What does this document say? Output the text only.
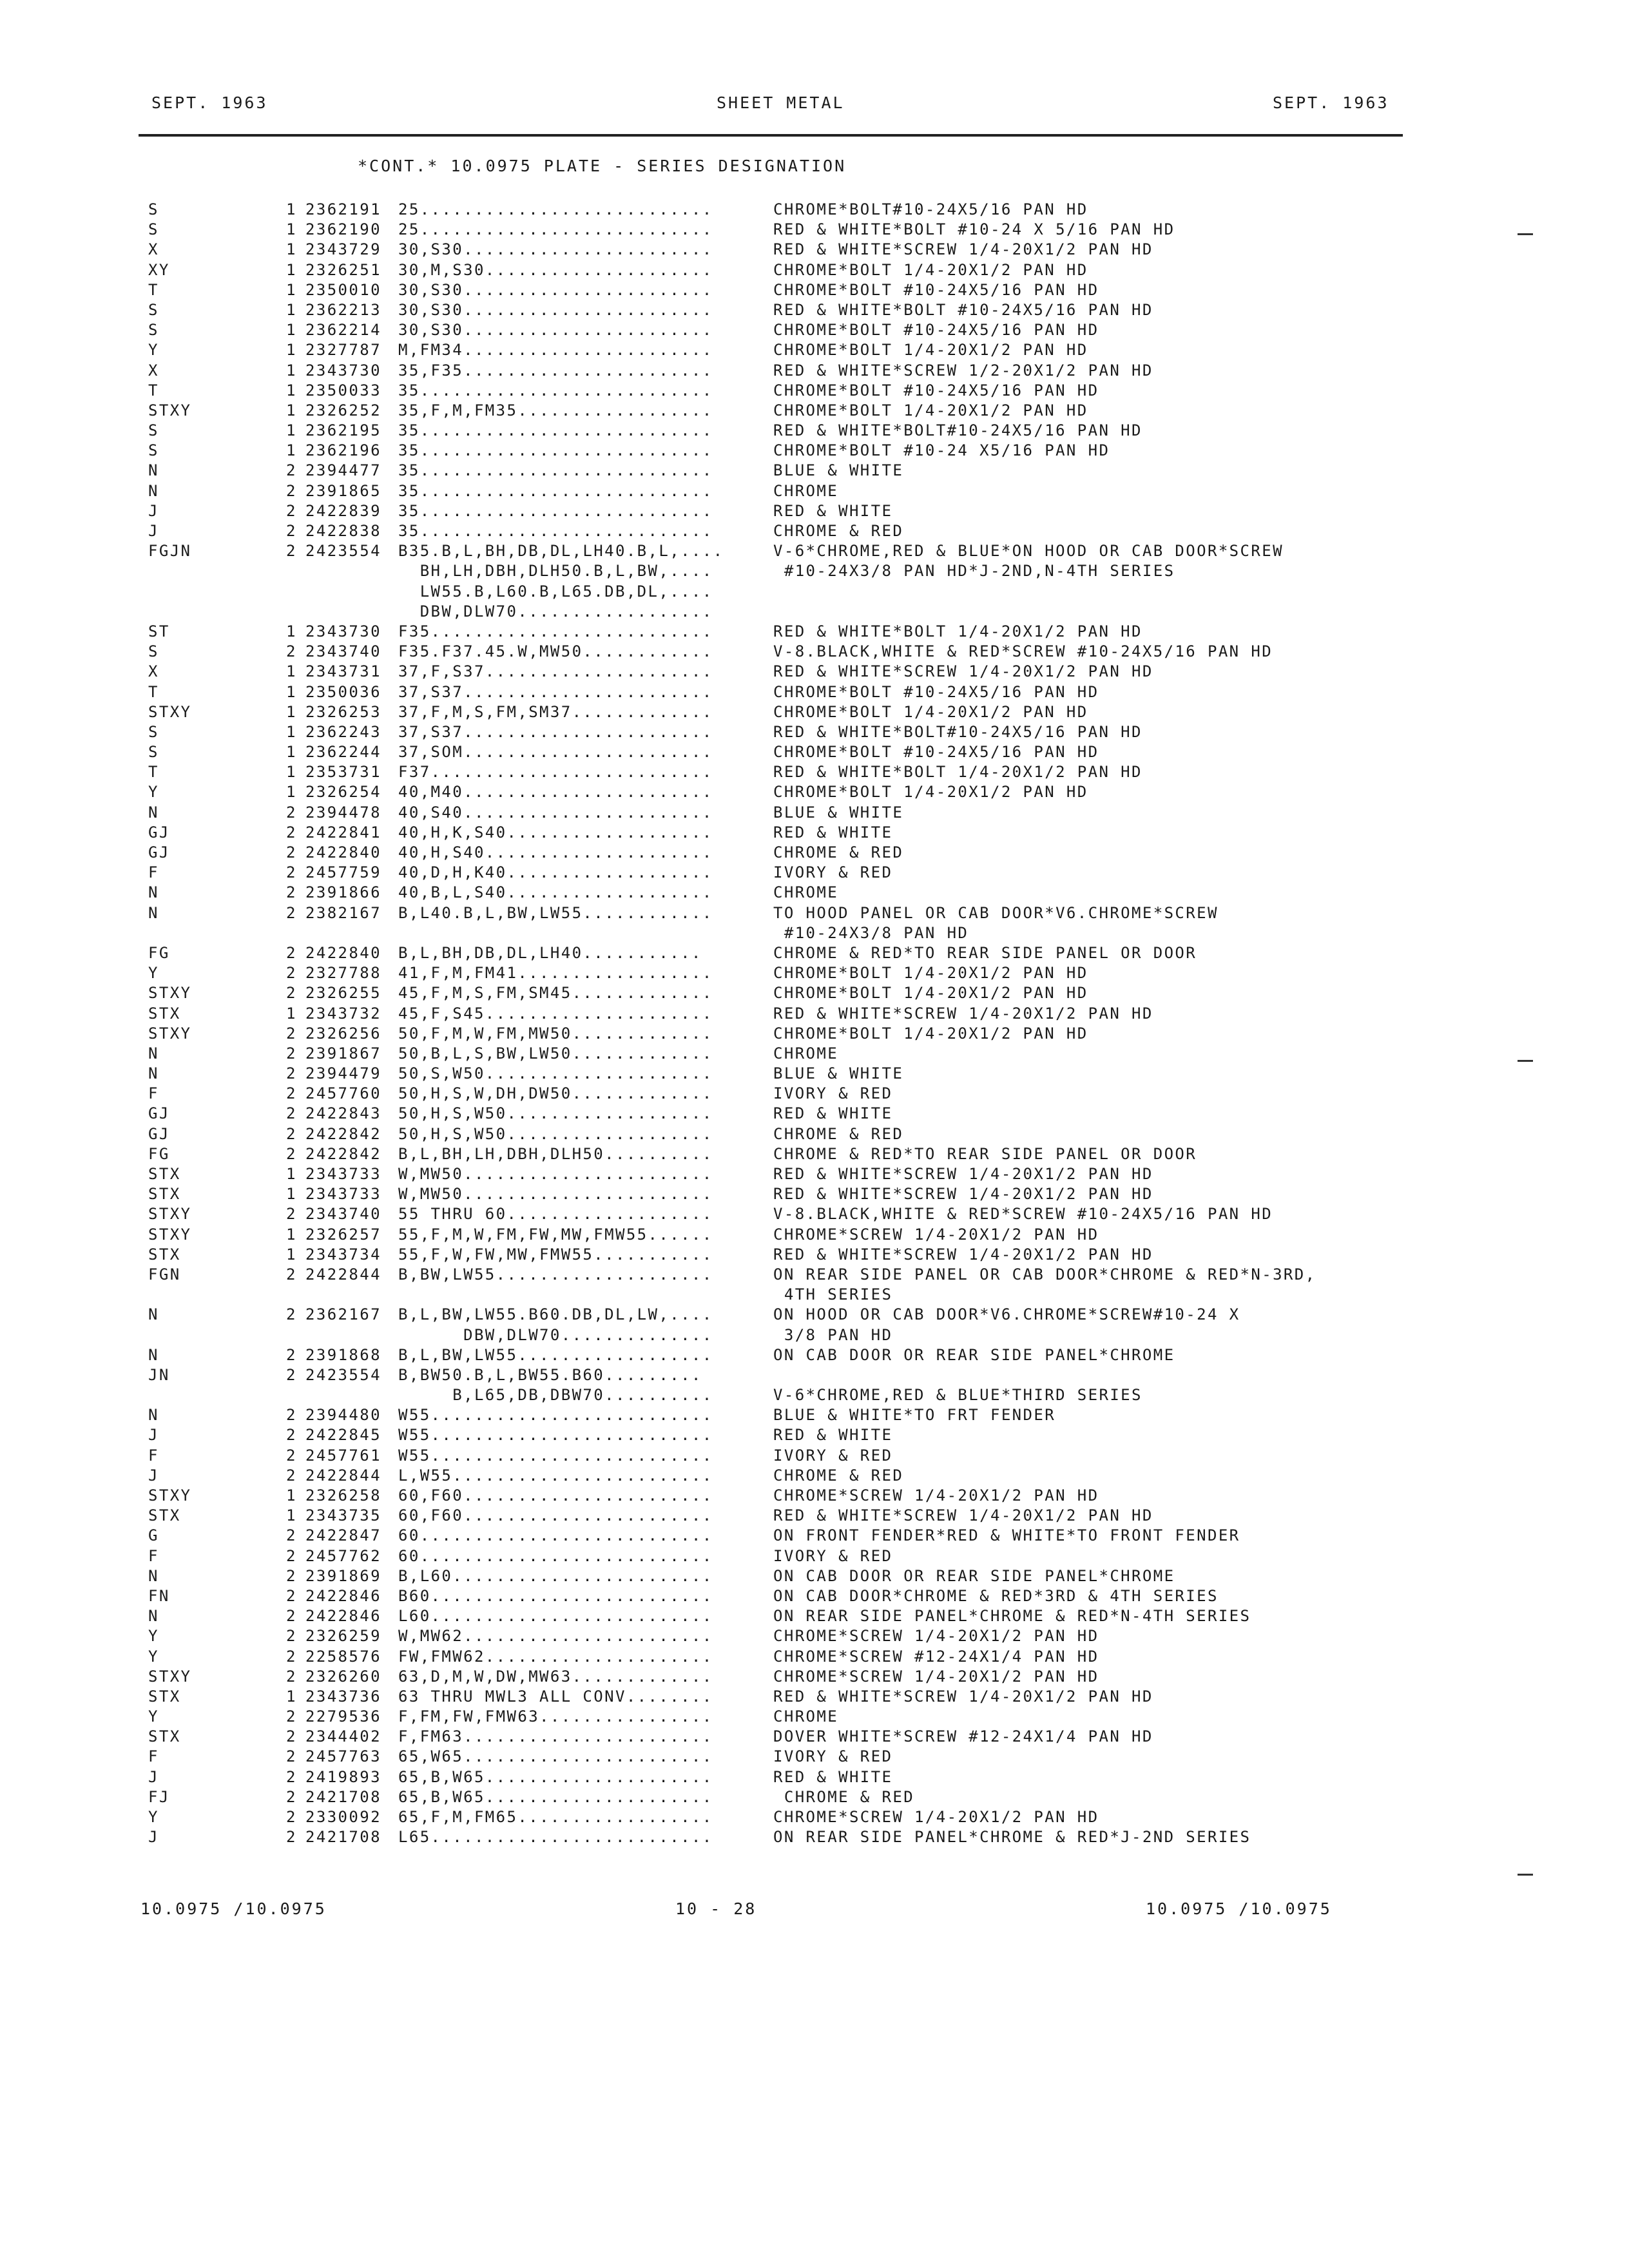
SEPT. 1963	SHEET METAL	SEPT. 1963
*CONT.* 10.0975 PLATE - SERIES DESIGNATION
S	1 2362191 25...........................	CHROME*BOLT#10-24X5/16 PAN HD
S	1 2362190 25...........................	RED & WHITE*BOLT #10-24 X 5/16 PAN HD
X	1 2343729 30,S30.......................	RED & WHITE*SCREW 1/4-20X1/2 PAN HD
XY	1 2326251 30,M,S30.....................	CHROME*BOLT 1/4-20X1/2 PAN HD
T	1 2350010 30,S30.......................	CHROME*BOLT #10-24X5/16 PAN HD
S	1 2362213 30,S30.......................	RED & WHITE*BOLT #10-24X5/16 PAN HD
S	1 2362214 30,S30.......................	CHROME*BOLT #10-24X5/16 PAN HD
Y	1 2327787 M,FM34.......................	CHROME*BOLT 1/4-20X1/2 PAN HD
X	1 2343730 35,F35.......................	RED & WHITE*SCREW 1/2-20X1/2 PAN HD
T	1 2350033 35...........................	CHROME*BOLT #10-24X5/16 PAN HD
STXY	1 2326252 35,F,M,FM35..................	CHROME*BOLT 1/4-20X1/2 PAN HD
S	1 2362195 35...........................	RED & WHITE*BOLT#10-24X5/16 PAN HD
S	1 2362196 35...........................	CHROME*BOLT #10-24 X5/16 PAN HD
N	2 2394477 35...........................	BLUE & WHITE
N	2 2391865 35...........................	CHROME
J	2 2422839 35...........................	RED & WHITE
J	2 2422838 35...........................	CHROME & RED
FGJN	2 2423554 B35.B,L,BH,DB,DL,LH40.B,L,....	V-6*CHROME,RED & BLUE*ON HOOD OR CAB DOOR*SCREW
BH,LH,DBH,DLH50.B,L,BW,....	#10-24X3/8 PAN HD*J-2ND,N-4TH SERIES
LW55.B,L60.B,L65.DB,DL,....
DBW,DLW70..................
ST	1 2343730 F35..........................	RED & WHITE*BOLT 1/4-20X1/2 PAN HD
S	2 2343740 F35.F37.45.W,MW50............	V-8.BLACK,WHITE & RED*SCREW #10-24X5/16 PAN HD
X	1 2343731 37,F,S37.....................	RED & WHITE*SCREW 1/4-20X1/2 PAN HD
T	1 2350036 37,S37.......................	CHROME*BOLT #10-24X5/16 PAN HD
STXY	1 2326253 37,F,M,S,FM,SM37.............	CHROME*BOLT 1/4-20X1/2 PAN HD
S	1 2362243 37,S37.......................	RED & WHITE*BOLT#10-24X5/16 PAN HD
S	1 2362244 37,SOM.......................	CHROME*BOLT #10-24X5/16 PAN HD
T	1 2353731 F37..........................	RED & WHITE*BOLT 1/4-20X1/2 PAN HD
Y	1 2326254 40,M40.......................	CHROME*BOLT 1/4-20X1/2 PAN HD
N	2 2394478 40,S40.......................	BLUE & WHITE
GJ	2 2422841 40,H,K,S40...................	RED & WHITE
GJ	2 2422840 40,H,S40.....................	CHROME & RED
F	2 2457759 40,D,H,K40...................	IVORY & RED
N	2 2391866 40,B,L,S40...................	CHROME
N	2 2382167 B,L40.B,L,BW,LW55............	TO HOOD PANEL OR CAB DOOR*V6.CHROME*SCREW
#10-24X3/8 PAN HD
FG	2 2422840 B,L,BH,DB,DL,LH40...........	CHROME & RED*TO REAR SIDE PANEL OR DOOR
Y	2 2327788 41,F,M,FM41..................	CHROME*BOLT 1/4-20X1/2 PAN HD
STXY	2 2326255 45,F,M,S,FM,SM45.............	CHROME*BOLT 1/4-20X1/2 PAN HD
STX	1 2343732 45,F,S45.....................	RED & WHITE*SCREW 1/4-20X1/2 PAN HD
STXY	2 2326256 50,F,M,W,FM,MW50.............	CHROME*BOLT 1/4-20X1/2 PAN HD
N	2 2391867 50,B,L,S,BW,LW50.............	CHROME
N	2 2394479 50,S,W50.....................	BLUE & WHITE
F	2 2457760 50,H,S,W,DH,DW50.............	IVORY & RED
GJ	2 2422843 50,H,S,W50...................	RED & WHITE
GJ	2 2422842 50,H,S,W50...................	CHROME & RED
FG	2 2422842 B,L,BH,LH,DBH,DLH50..........	CHROME & RED*TO REAR SIDE PANEL OR DOOR
STX	1 2343733 W,MW50.......................	RED & WHITE*SCREW 1/4-20X1/2 PAN HD
STX	1 2343733 W,MW50.......................	RED & WHITE*SCREW 1/4-20X1/2 PAN HD
STXY	2 2343740 55 THRU 60...................	V-8.BLACK,WHITE & RED*SCREW #10-24X5/16 PAN HD
STXY	1 2326257 55,F,M,W,FM,FW,MW,FMW55......	CHROME*SCREW 1/4-20X1/2 PAN HD
STX	1 2343734 55,F,W,FW,MW,FMW55...........	RED & WHITE*SCREW 1/4-20X1/2 PAN HD
FGN	2 2422844 B,BW,LW55....................	ON REAR SIDE PANEL OR CAB DOOR*CHROME & RED*N-3RD,
4TH SERIES
N	2 2362167 B,L,BW,LW55.B60.DB,DL,LW,....	ON HOOD OR CAB DOOR*V6.CHROME*SCREW#10-24 X
DBW,DLW70..............	3/8 PAN HD
N	2 2391868 B,L,BW,LW55..................	ON CAB DOOR OR REAR SIDE PANEL*CHROME
JN	2 2423554 B,BW50.B,L,BW55.B60.........
B,L65,DB,DBW70..........	V-6*CHROME,RED & BLUE*THIRD SERIES
N	2 2394480 W55..........................	BLUE & WHITE*TO FRT FENDER
J	2 2422845 W55..........................	RED & WHITE
F	2 2457761 W55..........................	IVORY & RED
J	2 2422844 L,W55........................	CHROME & RED
STXY	1 2326258 60,F60.......................	CHROME*SCREW 1/4-20X1/2 PAN HD
STX	1 2343735 60,F60.......................	RED & WHITE*SCREW 1/4-20X1/2 PAN HD
G	2 2422847 60...........................	ON FRONT FENDER*RED & WHITE*TO FRONT FENDER
F	2 2457762 60...........................	IVORY & RED
N	2 2391869 B,L60........................	ON CAB DOOR OR REAR SIDE PANEL*CHROME
FN	2 2422846 B60..........................	ON CAB DOOR*CHROME & RED*3RD & 4TH SERIES
N	2 2422846 L60..........................	ON REAR SIDE PANEL*CHROME & RED*N-4TH SERIES
Y	2 2326259 W,MW62.......................	CHROME*SCREW 1/4-20X1/2 PAN HD
Y	2 2258576 FW,FMW62.....................	CHROME*SCREW #12-24X1/4 PAN HD
STXY	2 2326260 63,D,M,W,DW,MW63.............	CHROME*SCREW 1/4-20X1/2 PAN HD
STX	1 2343736 63 THRU MWL3 ALL CONV........	RED & WHITE*SCREW 1/4-20X1/2 PAN HD
Y	2 2279536 F,FM,FW,FMW63................	CHROME
STX	2 2344402 F,FM63.......................	DOVER WHITE*SCREW #12-24X1/4 PAN HD
F	2 2457763 65,W65.......................	IVORY & RED
J	2 2419893 65,B,W65.....................	RED & WHITE
FJ	2 2421708 65,B,W65.....................	CHROME & RED
Y	2 2330092 65,F,M,FM65..................	CHROME*SCREW 1/4-20X1/2 PAN HD
J	2 2421708 L65..........................	ON REAR SIDE PANEL*CHROME & RED*J-2ND SERIES
10.0975 /10.0975	10 - 28	10.0975 /10.0975
